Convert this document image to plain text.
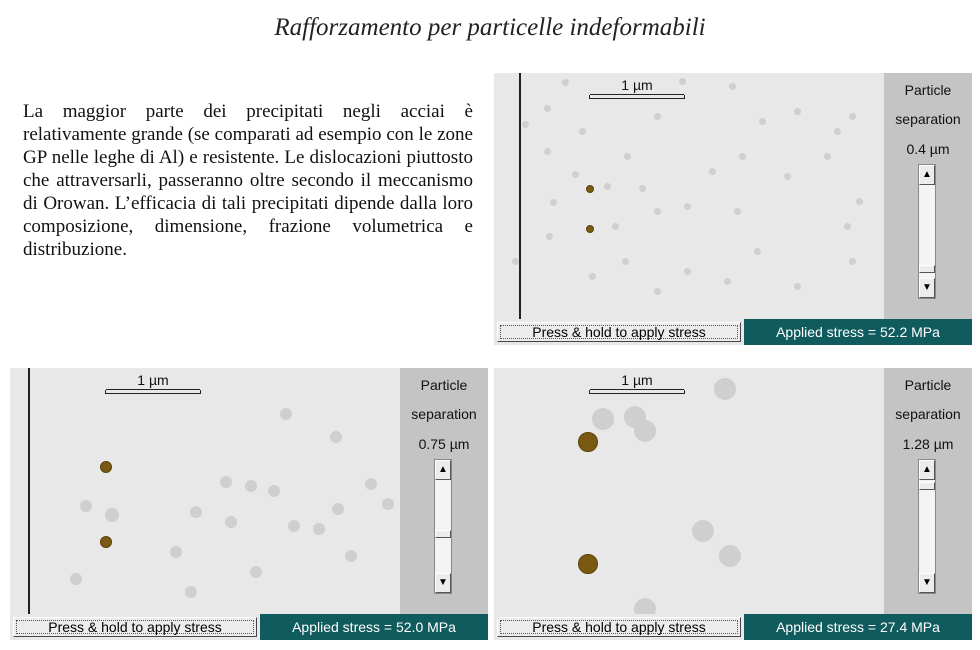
Rafforzamento per particelle indeformabili
La maggior parte dei precipitati negli acciai è relativamente grande (se comparati ad esempio con le zone GP nelle leghe di Al) e resistente. Le dislocazioni piuttosto che attraversarli, passeranno oltre secondo il meccanismo di Orowan. L’efficacia di tali precipitati dipende dalla loro composizione, dimensione, frazione volumetrica e distribuzione.
1 µm	Particle
separation
0.4 µm
▲
▼
Press & hold to apply stress	Applied stress = 52.2 MPa
1 µm	Particle
separation
0.75 µm
▲
▼
Press & hold to apply stress	Applied stress = 52.0 MPa
1 µm	Particle
separation
1.28 µm
▲
▼
Press & hold to apply stress	Applied stress = 27.4 MPa
